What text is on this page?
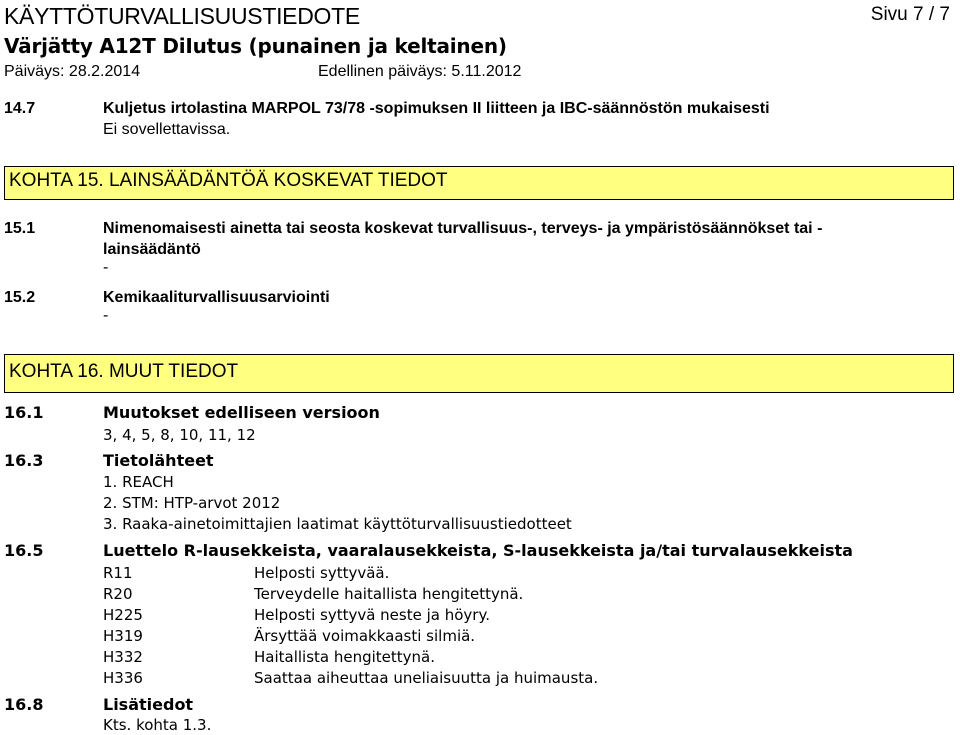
KÄYTTÖTURVALLISUUSTIEDOTE	Sivu 7 / 7
Värjätty A12T DiIutus (punainen ja keltainen)
Päiväys: 28.2.2014	Edellinen päiväys: 5.11.2012
14.7	Kuljetus irtolastina MARPOL 73/78 -sopimuksen II liitteen ja IBC-säännöstön mukaisesti
Ei sovellettavissa.
KOHTA 15. LAINSÄÄDÄNTÖÄ KOSKEVAT TIEDOT
15.1	Nimenomaisesti ainetta tai seosta koskevat turvallisuus-, terveys- ja ympäristösäännökset tai -
lainsäädäntö
-
15.2	Kemikaaliturvallisuusarviointi
-
KOHTA 16. MUUT TIEDOT
16.1	Muutokset edelliseen versioon
3, 4, 5, 8, 10, 11, 12
16.3	Tietolähteet
1. REACH
2. STM: HTP-arvot 2012
3. Raaka-ainetoimittajien laatimat käyttöturvallisuustiedotteet
16.5	Luettelo R-lausekkeista, vaaralausekkeista, S-lausekkeista ja/tai turvalausekkeista
R11	Helposti syttyvää.
R20	Terveydelle haitallista hengitettynä.
H225	Helposti syttyvä neste ja höyry.
H319	Ärsyttää voimakkaasti silmiä.
H332	Haitallista hengitettynä.
H336	Saattaa aiheuttaa uneliaisuutta ja huimausta.
16.8	Lisätiedot
Kts. kohta 1.3.
